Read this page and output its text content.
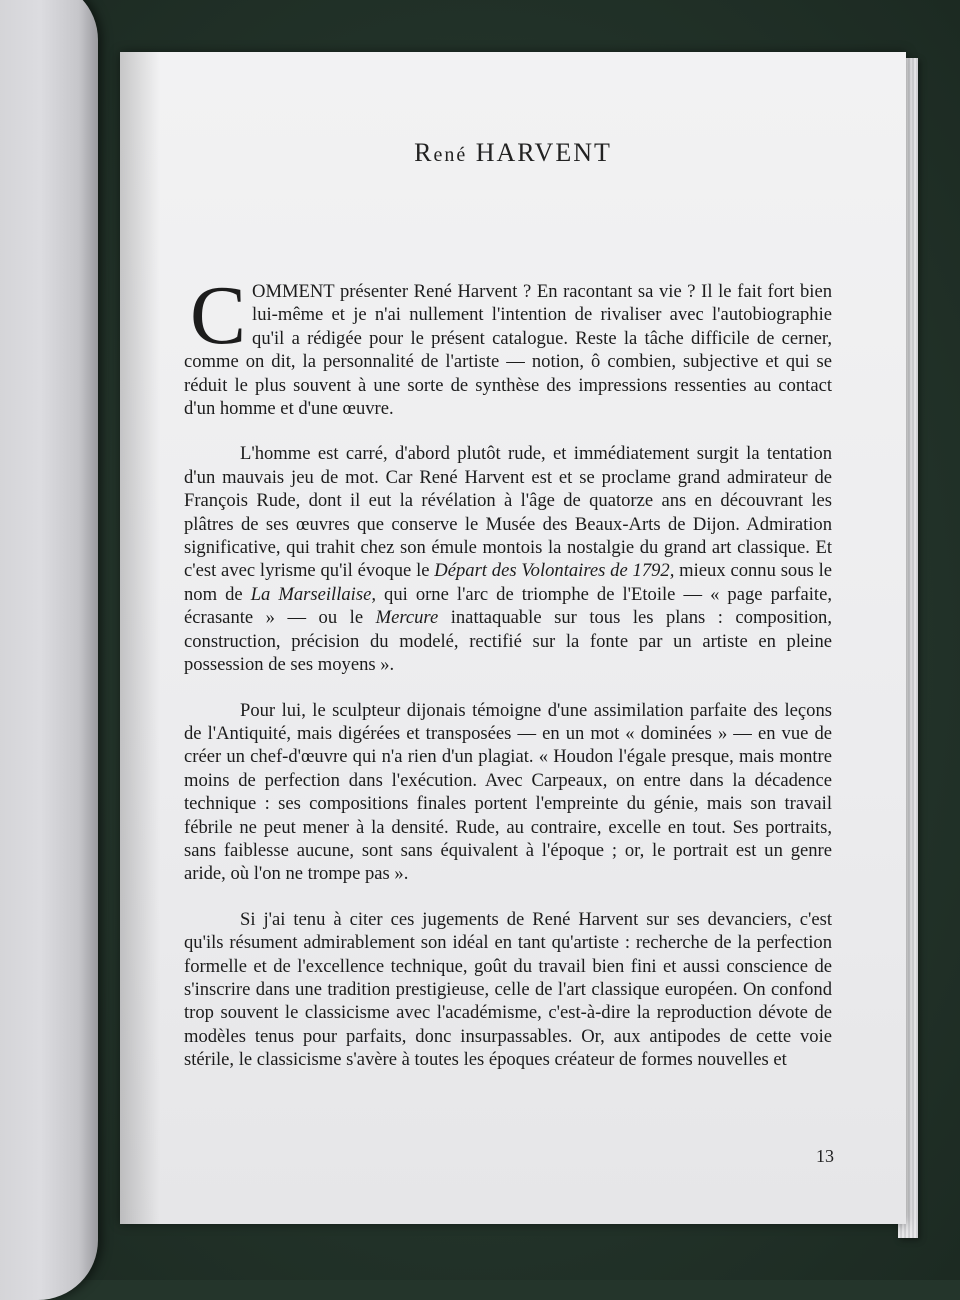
René HARVENT

COMMENT présenter René Harvent ? En racontant sa vie ? Il le fait fort bien lui-même et je n'ai nullement l'intention de rivaliser avec l'autobiographie qu'il a rédigée pour le présent catalogue. Reste la tâche difficile de cerner, comme on dit, la personnalité de l'artiste — notion, ô combien, subjective et qui se réduit le plus souvent à une sorte de synthèse des impressions ressenties au contact d'un homme et d'une œuvre.

L'homme est carré, d'abord plutôt rude, et immédiatement surgit la tentation d'un mauvais jeu de mot. Car René Harvent est et se proclame grand admirateur de François Rude, dont il eut la révélation à l'âge de quatorze ans en découvrant les plâtres de ses œuvres que conserve le Musée des Beaux-Arts de Dijon. Admiration significative, qui trahit chez son émule montois la nostalgie du grand art classique. Et c'est avec lyrisme qu'il évoque le Départ des Volontaires de 1792, mieux connu sous le nom de La Marseillaise, qui orne l'arc de triomphe de l'Etoile — « page parfaite, écrasante » — ou le Mercure inattaquable sur tous les plans : composition, construction, précision du modelé, rectifié sur la fonte par un artiste en pleine possession de ses moyens ».

Pour lui, le sculpteur dijonais témoigne d'une assimilation parfaite des leçons de l'Antiquité, mais digérées et transposées — en un mot « dominées » — en vue de créer un chef-d'œuvre qui n'a rien d'un plagiat. « Houdon l'égale presque, mais montre moins de perfection dans l'exécution. Avec Carpeaux, on entre dans la décadence technique : ses compositions finales portent l'empreinte du génie, mais son travail fébrile ne peut mener à la densité. Rude, au contraire, excelle en tout. Ses portraits, sans faiblesse aucune, sont sans équivalent à l'époque ; or, le portrait est un genre aride, où l'on ne trompe pas ».

Si j'ai tenu à citer ces jugements de René Harvent sur ses devanciers, c'est qu'ils résument admirablement son idéal en tant qu'artiste : recherche de la perfection formelle et de l'excellence technique, goût du travail bien fini et aussi conscience de s'inscrire dans une tradition prestigieuse, celle de l'art classique européen. On confond trop souvent le classicisme avec l'académisme, c'est-à-dire la reproduction dévote de modèles tenus pour parfaits, donc insurpassables. Or, aux antipodes de cette voie stérile, le classicisme s'avère à toutes les époques créateur de formes nouvelles et

13
